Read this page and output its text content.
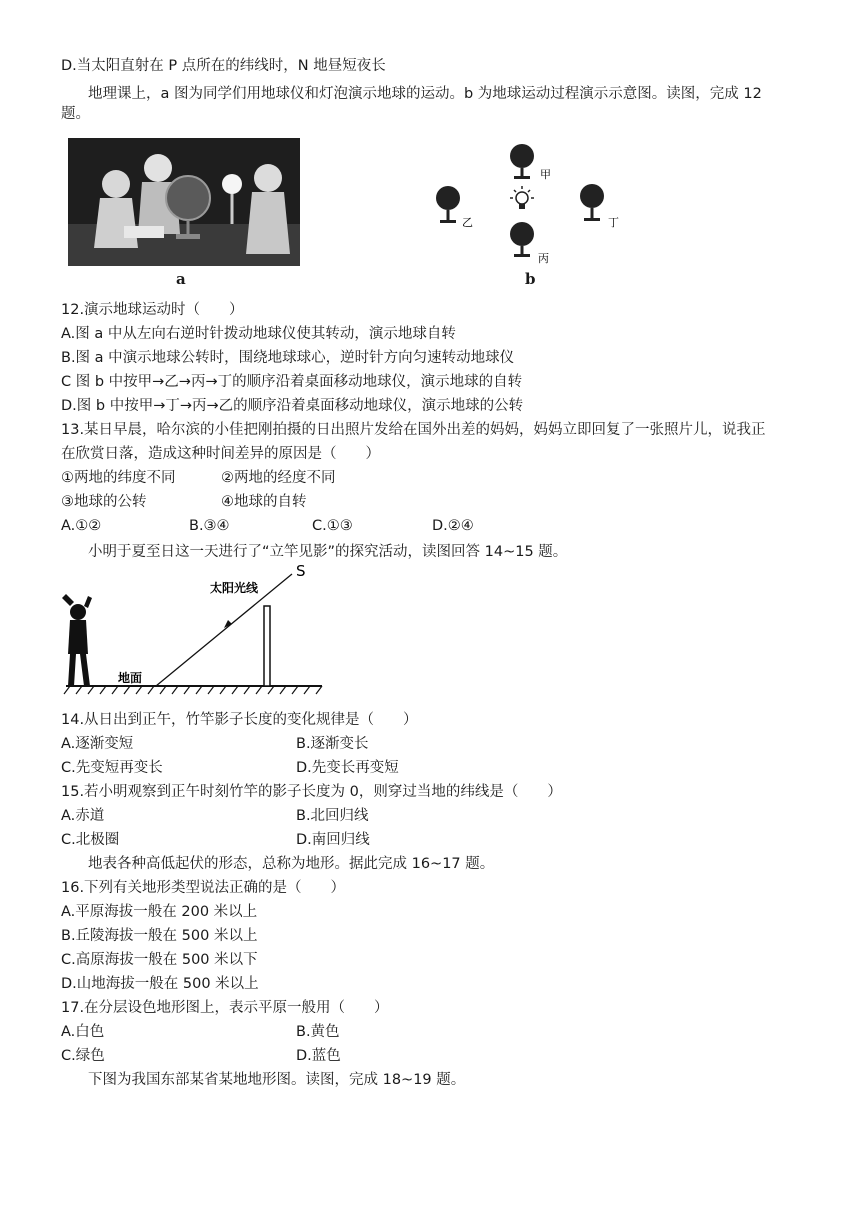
D.当太阳直射在 P 点所在的纬线时，N 地昼短夜长
地理课上，a 图为同学们用地球仪和灯泡演示地球的运动。b 为地球运动过程演示示意图。读图，完成 12
题。
a
甲
乙
丙
丁
b
12.演示地球运动时（　　）
A.图 a 中从左向右逆时针拨动地球仪使其转动，演示地球自转
B.图 a 中演示地球公转时，围绕地球球心，逆时针方向匀速转动地球仪
C 图 b 中按甲→乙→丙→丁的顺序沿着桌面移动地球仪，演示地球的自转
D.图 b 中按甲→丁→丙→乙的顺序沿着桌面移动地球仪，演示地球的公转
13.某日早晨，哈尔滨的小佳把刚拍摄的日出照片发给在国外出差的妈妈，妈妈立即回复了一张照片儿，说我正
在欣赏日落，造成这种时间差异的原因是（　　）
①两地的纬度不同	②两地的经度不同
③地球的公转	④地球的自转
A.①②	B.③④	C.①③	D.②④
小明于夏至日这一天进行了“立竿见影”的探究活动，读图回答 14~15 题。
S
太阳光线
地面
14.从日出到正午，竹竿影子长度的变化规律是（　　）
A.逐渐变短	B.逐渐变长
C.先变短再变长	D.先变长再变短
15.若小明观察到正午时刻竹竿的影子长度为 0，则穿过当地的纬线是（　　）
A.赤道	B.北回归线
C.北极圈	D.南回归线
地表各种高低起伏的形态，总称为地形。据此完成 16~17 题。
16.下列有关地形类型说法正确的是（　　）
A.平原海拔一般在 200 米以上
B.丘陵海拔一般在 500 米以上
C.高原海拔一般在 500 米以下
D.山地海拔一般在 500 米以上
17.在分层设色地形图上，表示平原一般用（　　）
A.白色	B.黄色
C.绿色	D.蓝色
下图为我国东部某省某地地形图。读图，完成 18~19 题。
